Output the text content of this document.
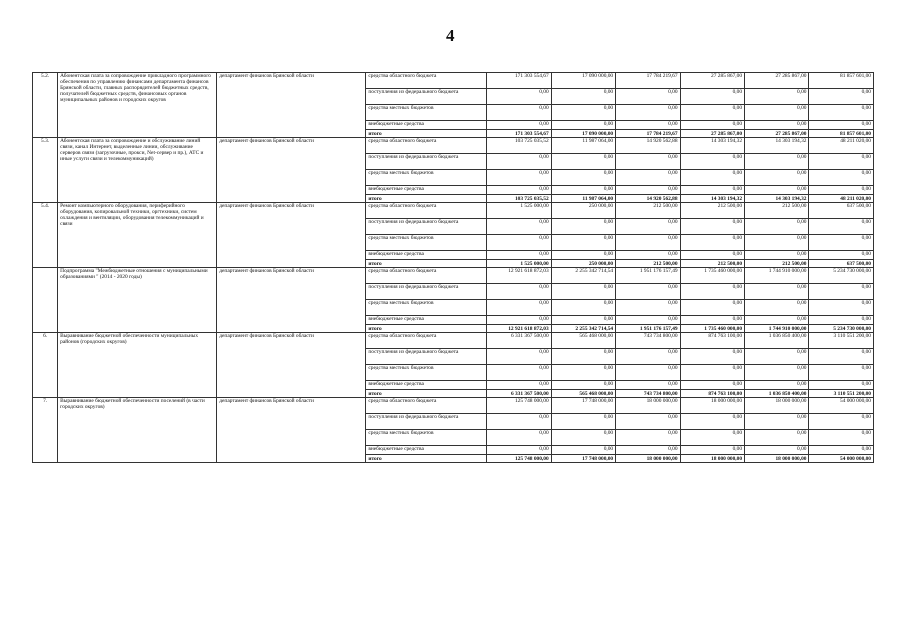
4
5.2.	Абонентская плата за сопровождение прикладного программного обеспечения по управлению финансами департамента финансов Брянской области, главных распорядителей бюджетных средств, получателей бюджетных средств, финансовых органов муниципальных районов и городских округов	департамент финансов Брянской области	средства областного бюджета	171 303 554,67	17 090 000,00	17 784 219,67	27 285 867,00	27 285 867,00	81 857 601,00
			поступления из федерального бюджета	0,00	0,00	0,00	0,00	0,00	0,00
			средства местных бюджетов	0,00	0,00	0,00	0,00	0,00	0,00
			внебюджетные средства	0,00	0,00	0,00	0,00	0,00	0,00
			итого	171 303 554,67	17 090 000,00	17 784 219,67	27 285 867,00	27 285 867,00	81 857 601,00
5.3.	Абонентская плата за сопровождение и обслуживание линий связи, канал Интернет, выделенные линии, обслуживание серверов связи (загрузочные, прокси, Net-сервер и пр.), АТС и иные услуги связи и телекоммуникаций)	департамент финансов Брянской области	средства областного бюджета	103 725 035,52	11 987 064,00	14 920 562,88	14 303 194,32	14 303 194,32	48 211 020,00
			поступления из федерального бюджета	0,00	0,00	0,00	0,00	0,00	0,00
			средства местных бюджетов	0,00	0,00	0,00	0,00	0,00	0,00
			внебюджетные средства	0,00	0,00	0,00	0,00	0,00	0,00
			итого	103 725 035,52	11 987 064,00	14 920 562,88	14 303 194,32	14 303 194,32	48 211 020,00
5.4.	Ремонт компьютерного оборудования, периферийного оборудования, копировальной техники, оргтехники, систем охлаждения и вентиляции, оборудования телекоммуникаций и связи	департамент финансов Брянской области	средства областного бюджета	1 525 000,00	250 000,00	212 500,00	212 500,00	212 500,00	637 500,00
			поступления из федерального бюджета	0,00	0,00	0,00	0,00	0,00	0,00
			средства местных бюджетов	0,00	0,00	0,00	0,00	0,00	0,00
			внебюджетные средства	0,00	0,00	0,00	0,00	0,00	0,00
			итого	1 525 000,00	250 000,00	212 500,00	212 500,00	212 500,00	637 500,00
	Подпрограмма "Межбюджетные отношения с муниципальными образованиями " (2014 - 2020 годы)	департамент финансов Брянской области	средства областного бюджета	12 921 618 872,03	2 255 342 714,54	1 951 176 157,49	1 735 460 000,00	1 744 910 000,00	5 234 730 000,00
			поступления из федерального бюджета	0,00	0,00	0,00	0,00	0,00	0,00
			средства местных бюджетов	0,00	0,00	0,00	0,00	0,00	0,00
			внебюджетные средства	0,00	0,00	0,00	0,00	0,00	0,00
			итого	12 921 618 872,03	2 255 342 714,54	1 951 176 157,49	1 735 460 000,00	1 744 910 000,00	5 234 730 000,00
6.	Выравнивание бюджетной обеспеченности муниципальных районов (городских округов)	департамент финансов Брянской области	средства областного бюджета	6 331 367 500,00	565 468 000,00	743 734 800,00	874 763 100,00	1 036 850 400,00	3 110 551 200,00
			поступления из федерального бюджета	0,00	0,00	0,00	0,00	0,00	0,00
			средства местных бюджетов	0,00	0,00	0,00	0,00	0,00	0,00
			внебюджетные средства	0,00	0,00	0,00	0,00	0,00	0,00
			итого	6 331 367 500,00	565 468 000,00	743 734 800,00	874 763 100,00	1 036 850 400,00	3 110 551 200,00
7.	Выравнивание бюджетной обеспеченности поселений (в части городских округов)	департамент финансов Брянской области	средства областного бюджета	125 748 000,00	17 748 000,00	18 000 000,00	18 000 000,00	18 000 000,00	54 000 000,00
			поступления из федерального бюджета	0,00	0,00	0,00	0,00	0,00	0,00
			средства местных бюджетов	0,00	0,00	0,00	0,00	0,00	0,00
			внебюджетные средства	0,00	0,00	0,00	0,00	0,00	0,00
			итого	125 748 000,00	17 748 000,00	18 000 000,00	18 000 000,00	18 000 000,00	54 000 000,00
